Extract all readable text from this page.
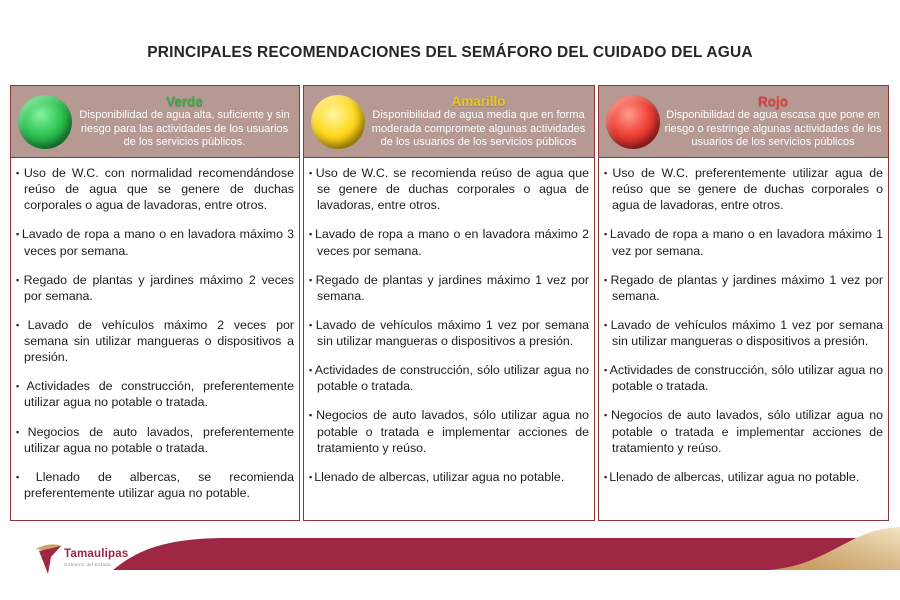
PRINCIPALES RECOMENDACIONES DEL SEMÁFORO DEL CUIDADO DEL AGUA
Verde
Disponibilidad de agua alta, suficiente y sin riesgo para las actividades de los usuarios de los servicios públicos.
▪ Uso de W.C. con normalidad recomendándose reúso de agua que se genere de duchas corporales o agua de lavadoras, entre otros.
▪ Lavado de ropa a mano o en lavadora máximo 3 veces por semana.
▪ Regado de plantas y jardines máximo 2 veces por semana.
▪ Lavado de vehículos máximo 2 veces por semana sin utilizar mangueras o dispositivos a presión.
▪ Actividades de construcción, preferentemente utilizar agua no potable o tratada.
▪ Negocios de auto lavados, preferentemente utilizar agua no potable o tratada.
▪ Llenado de albercas, se recomienda preferentemente utilizar agua no potable.
Amarillo
Disponibilidad de agua media que en forma moderada compromete algunas actividades de los usuarios de los servicios públicos
▪ Uso de W.C. se recomienda reúso de agua que se genere de duchas corporales o agua de lavadoras, entre otros.
▪ Lavado de ropa a mano o en lavadora máximo 2 veces por semana.
▪ Regado de plantas y jardines máximo 1 vez por semana.
▪ Lavado de vehículos máximo 1 vez por semana sin utilizar mangueras o dispositivos a presión.
▪ Actividades de construcción, sólo utilizar agua no potable o tratada.
▪ Negocios de auto lavados, sólo utilizar agua no potable o tratada e implementar acciones de tratamiento y reúso.
▪ Llenado de albercas, utilizar agua no potable.
Rojo
Disponibilidad de agua escasa que pone en riesgo o restringe algunas actividades de los usuarios de los servicios públicos
▪ Uso de W.C. preferentemente utilizar agua de reúso que se genere de duchas corporales o agua de lavadoras, entre otros.
▪ Lavado de ropa a mano o en lavadora máximo 1 vez por semana.
▪ Regado de plantas y jardines máximo 1 vez por semana.
▪ Lavado de vehículos máximo 1 vez por semana sin utilizar mangueras o dispositivos a presión.
▪ Actividades de construcción, sólo utilizar agua no potable o tratada.
▪ Negocios de auto lavados, sólo utilizar agua no potable o tratada e implementar acciones de tratamiento y reúso.
▪ Llenado de albercas, utilizar agua no potable.
Tamaulipas
Gobierno del Estado
